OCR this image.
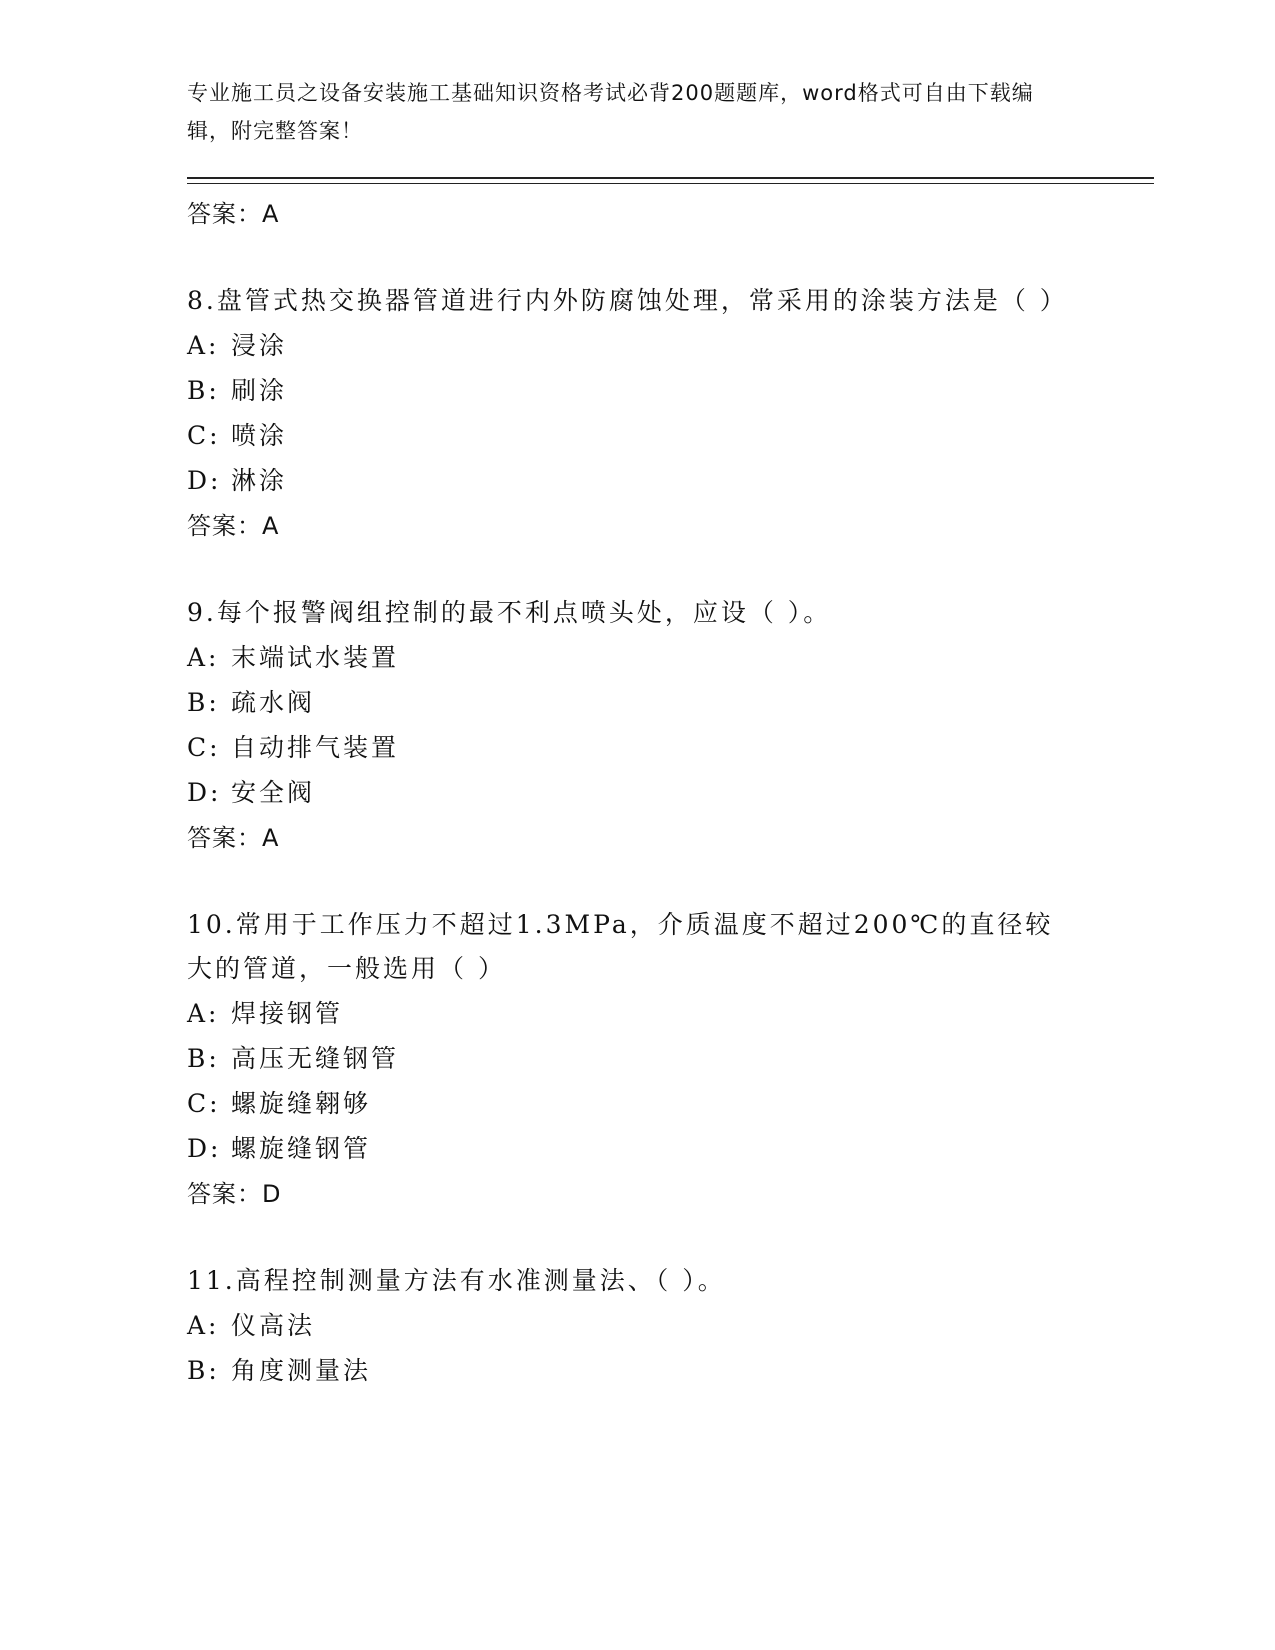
专业施工员之设备安装施工基础知识资格考试必背200题题库，word格式可自由下载编辑，附完整答案！
答案：A
8.盘管式热交换器管道进行内外防腐蚀处理，常采用的涂装方法是（ ）
A: 浸涂
B: 刷涂
C: 喷涂
D: 淋涂
答案：A
9.每个报警阀组控制的最不利点喷头处，应设（ ）。
A: 末端试水装置
B: 疏水阀
C: 自动排气装置
D: 安全阀
答案：A
10.常用于工作压力不超过1.3MPa，介质温度不超过200℃的直径较大的管道，一般选用（ ）
A: 焊接钢管
B: 高压无缝钢管
C: 螺旋缝翱够
D: 螺旋缝钢管
答案：D
11.高程控制测量方法有水准测量法、（ ）。
A: 仪高法
B: 角度测量法
